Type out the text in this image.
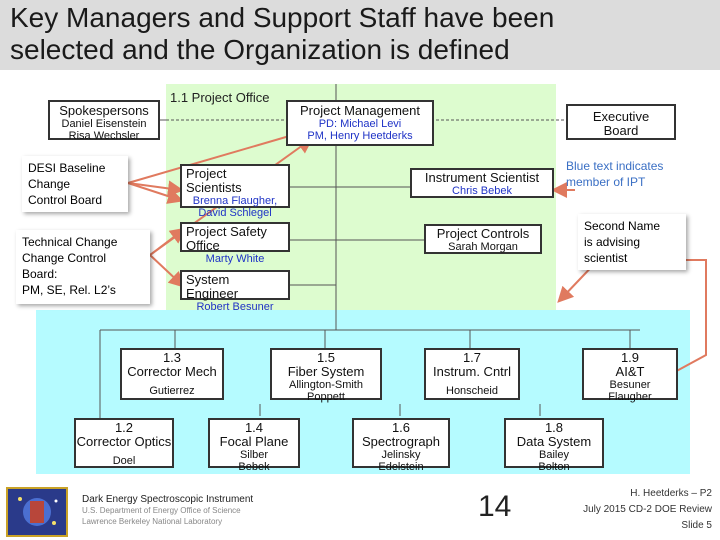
Key Managers and Support Staff have been
selected and the Organization is defined
1.1 Project Office
Spokespersons
Daniel Eisenstein
Risa Wechsler
Project Management
PD: Michael Levi
PM, Henry Heetderks
Executive
Board
DESI Baseline
Change
Control Board
Blue text indicates
member of IPT
Project Scientists
Brenna Flaugher,
David Schlegel
Instrument Scientist
Chris Bebek
Technical Change
Change Control
Board:
PM, SE, Rel. L2’s
Second Name
is advising
scientist
Project Safety Office
Marty White
Project Controls
Sarah Morgan
System Engineer
Robert Besuner
1.3
Corrector Mech
Gutierrez
1.5
Fiber System
Allington-Smith
Poppett
1.7
Instrum. Cntrl
Honscheid
1.9
AI&T
Besuner
Flaugher
1.2
Corrector Optics
Doel
1.4
Focal Plane
Silber
Bebek
1.6
Spectrograph
Jelinsky
Edelstein
1.8
Data System
Bailey
Bolton
Dark Energy Spectroscopic Instrument
U.S. Department of Energy Office of Science
Lawrence Berkeley National Laboratory	14	H. Heetderks – P2
July 2015 CD-2 DOE Review
Slide 5
